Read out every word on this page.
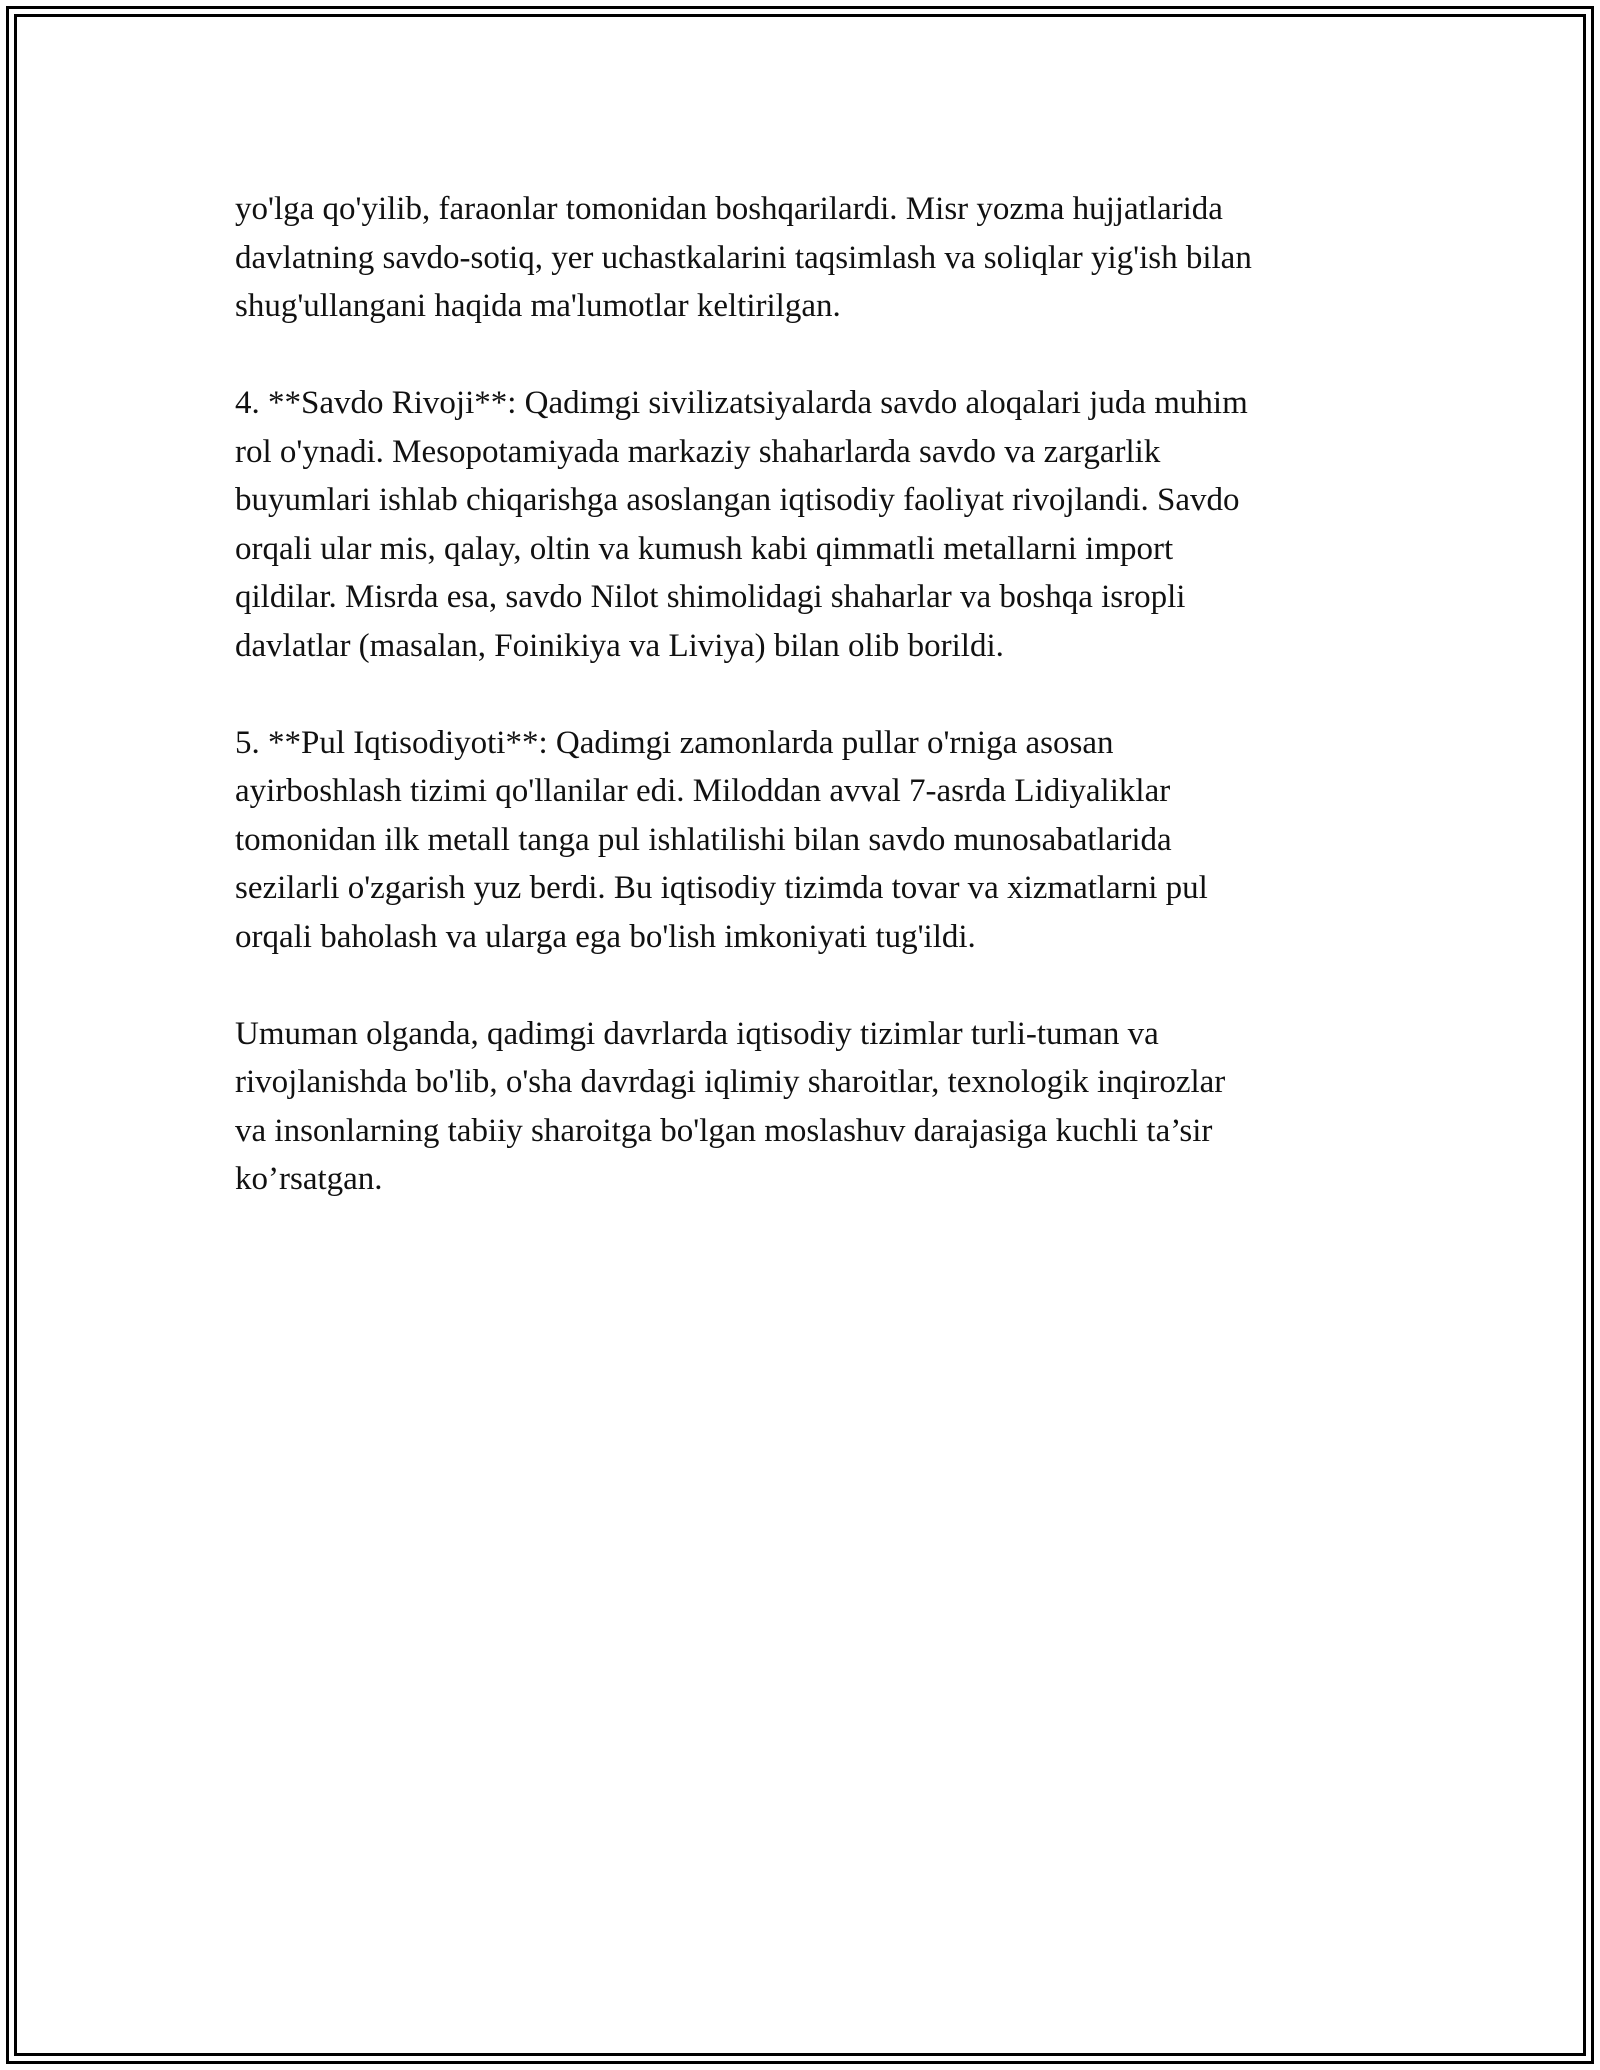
yo'lga qo'yilib, faraonlar tomonidan boshqarilardi. Misr yozma hujjatlarida
davlatning savdo-sotiq, yer uchastkalarini taqsimlash va soliqlar yig'ish bilan
shug'ullangani haqida ma'lumotlar keltirilgan.

4. **Savdo Rivoji**: Qadimgi sivilizatsiyalarda savdo aloqalari juda muhim
rol o'ynadi. Mesopotamiyada markaziy shaharlarda savdo va zargarlik
buyumlari ishlab chiqarishga asoslangan iqtisodiy faoliyat rivojlandi. Savdo
orqali ular mis, qalay, oltin va kumush kabi qimmatli metallarni import
qildilar. Misrda esa, savdo Nilot shimolidagi shaharlar va boshqa isropli
davlatlar (masalan, Foinikiya va Liviya) bilan olib borildi.

5. **Pul Iqtisodiyoti**: Qadimgi zamonlarda pullar o'rniga asosan
ayirboshlash tizimi qo'llanilar edi. Miloddan avval 7-asrda Lidiyaliklar
tomonidan ilk metall tanga pul ishlatilishi bilan savdo munosabatlarida
sezilarli o'zgarish yuz berdi. Bu iqtisodiy tizimda tovar va xizmatlarni pul
orqali baholash va ularga ega bo'lish imkoniyati tug'ildi.

Umuman olganda, qadimgi davrlarda iqtisodiy tizimlar turli-tuman va
rivojlanishda bo'lib, o'sha davrdagi iqlimiy sharoitlar, texnologik inqirozlar
va insonlarning tabiiy sharoitga bo'lgan moslashuv darajasiga kuchli ta’sir
ko’rsatgan.
